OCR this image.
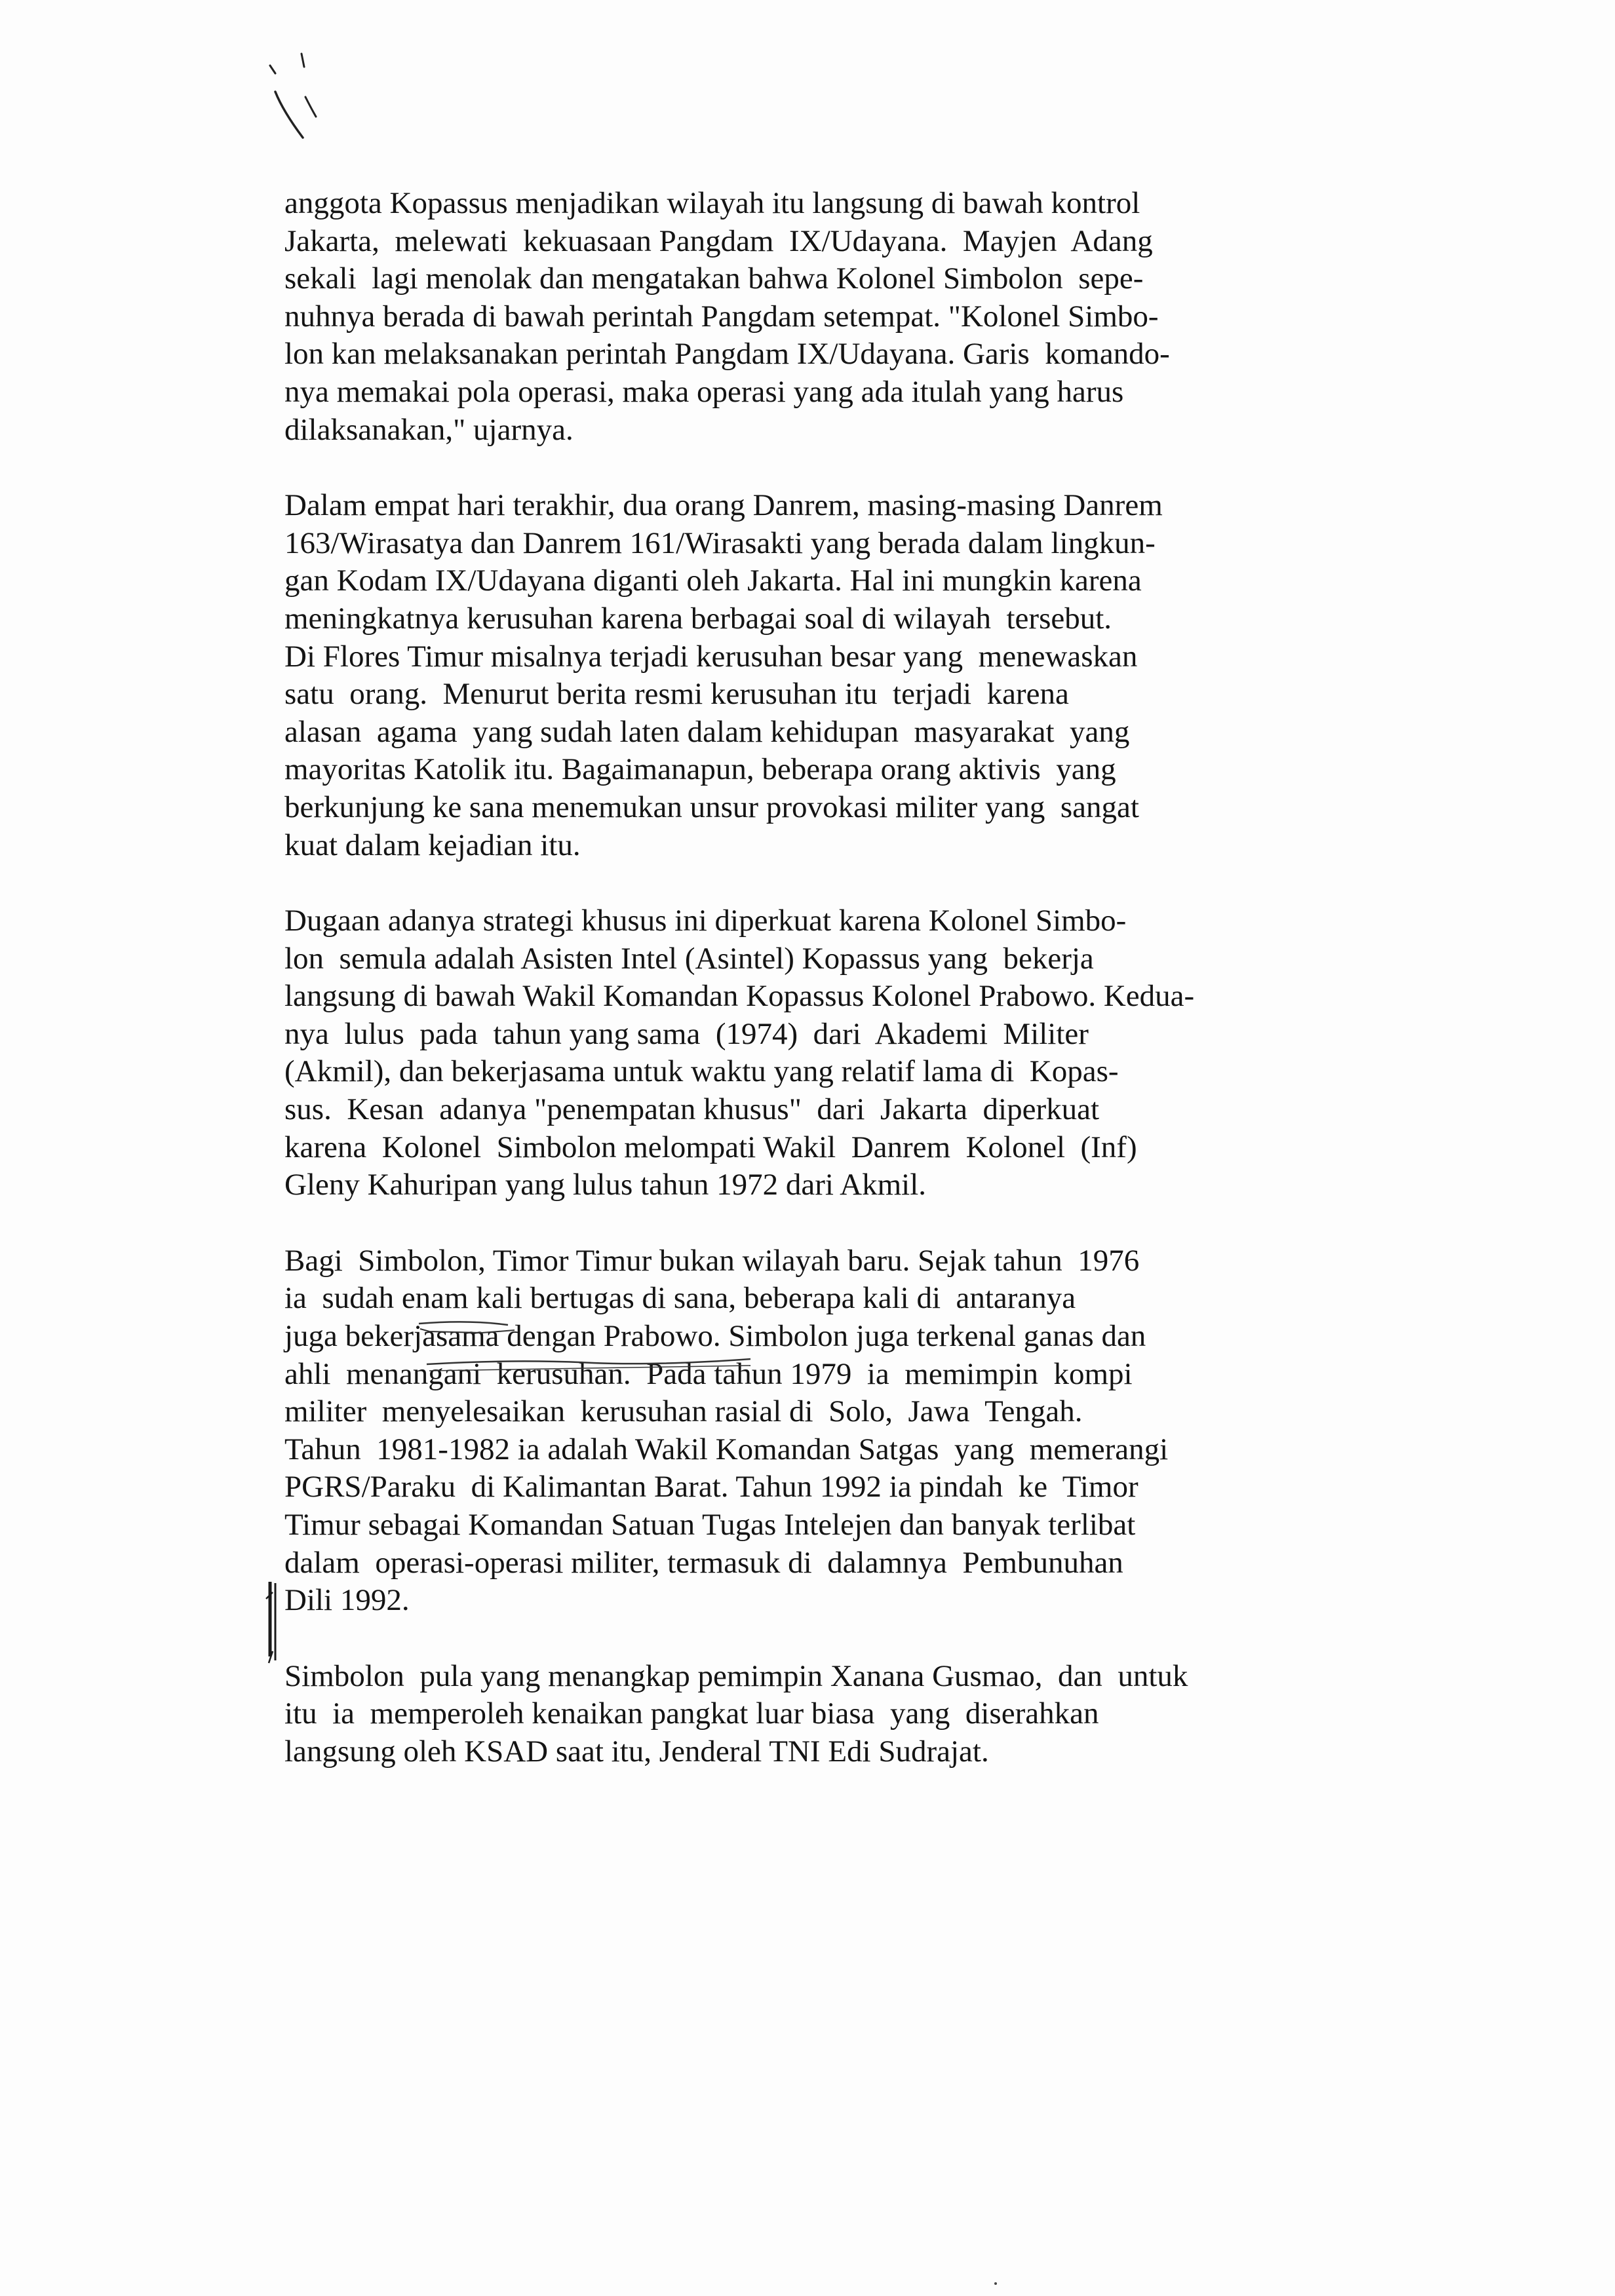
anggota Kopassus menjadikan wilayah itu langsung di bawah kontrol
Jakarta,  melewati  kekuasaan Pangdam  IX/Udayana.  Mayjen  Adang
sekali  lagi menolak dan mengatakan bahwa Kolonel Simbolon  sepe-
nuhnya berada di bawah perintah Pangdam setempat. "Kolonel Simbo-
lon kan melaksanakan perintah Pangdam IX/Udayana. Garis  komando-
nya memakai pola operasi, maka operasi yang ada itulah yang harus
dilaksanakan," ujarnya.
Dalam empat hari terakhir, dua orang Danrem, masing-masing Danrem
163/Wirasatya dan Danrem 161/Wirasakti yang berada dalam lingkun-
gan Kodam IX/Udayana diganti oleh Jakarta. Hal ini mungkin karena
meningkatnya kerusuhan karena berbagai soal di wilayah  tersebut.
Di Flores Timur misalnya terjadi kerusuhan besar yang  menewaskan
satu  orang.  Menurut berita resmi kerusuhan itu  terjadi  karena
alasan  agama  yang sudah laten dalam kehidupan  masyarakat  yang
mayoritas Katolik itu. Bagaimanapun, beberapa orang aktivis  yang
berkunjung ke sana menemukan unsur provokasi militer yang  sangat
kuat dalam kejadian itu.
Dugaan adanya strategi khusus ini diperkuat karena Kolonel Simbo-
lon  semula adalah Asisten Intel (Asintel) Kopassus yang  bekerja
langsung di bawah Wakil Komandan Kopassus Kolonel Prabowo. Kedua-
nya  lulus  pada  tahun yang sama  (1974)  dari  Akademi  Militer
(Akmil), dan bekerjasama untuk waktu yang relatif lama di  Kopas-
sus.  Kesan  adanya "penempatan khusus"  dari  Jakarta  diperkuat
karena  Kolonel  Simbolon melompati Wakil  Danrem  Kolonel  (Inf)
Gleny Kahuripan yang lulus tahun 1972 dari Akmil.
Bagi  Simbolon, Timor Timur bukan wilayah baru. Sejak tahun  1976
ia  sudah enam kali bertugas di sana, beberapa kali di  antaranya
juga bekerjasama dengan Prabowo. Simbolon juga terkenal ganas dan
ahli  menangani  kerusuhan.  Pada tahun 1979  ia  memimpin  kompi
militer  menyelesaikan  kerusuhan rasial di  Solo,  Jawa  Tengah.
Tahun  1981-1982 ia adalah Wakil Komandan Satgas  yang  memerangi
PGRS/Paraku  di Kalimantan Barat. Tahun 1992 ia pindah  ke  Timor
Timur sebagai Komandan Satuan Tugas Intelejen dan banyak terlibat
dalam  operasi-operasi militer, termasuk di  dalamnya  Pembunuhan
Dili 1992.
Simbolon  pula yang menangkap pemimpin Xanana Gusmao,  dan  untuk
itu  ia  memperoleh kenaikan pangkat luar biasa  yang  diserahkan
langsung oleh KSAD saat itu, Jenderal TNI Edi Sudrajat.
